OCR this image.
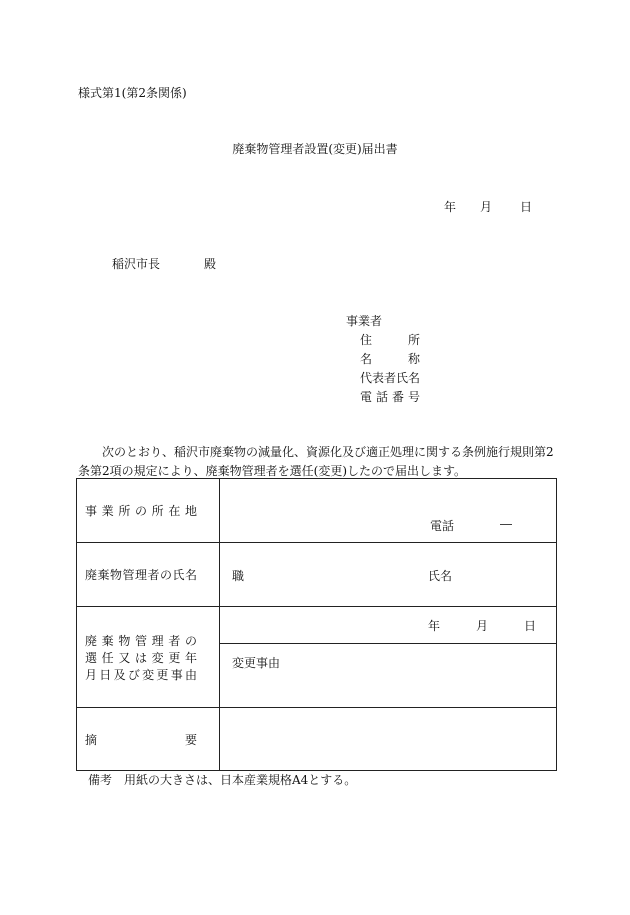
様式第1(第2条関係)
廃棄物管理者設置(変更)届出書
年 月 日
稲沢市長	殿
事業者
住　所
名　称
代表者氏名
電 話 番 号

次のとおり、稲沢市廃棄物の減量化、資源化及び適正処理に関する条例施行規則第2条第2項の規定により、廃棄物管理者を選任(変更)したので届出します。

事業所の所在地	電話 ―

廃棄物管理者の氏名	職 氏名

廃棄物管理者の
選任又は変更年
月日及び変更事由	年 月 日

	変更事由

摘 要	

備考　用紙の大きさは、日本産業規格A4とする。
